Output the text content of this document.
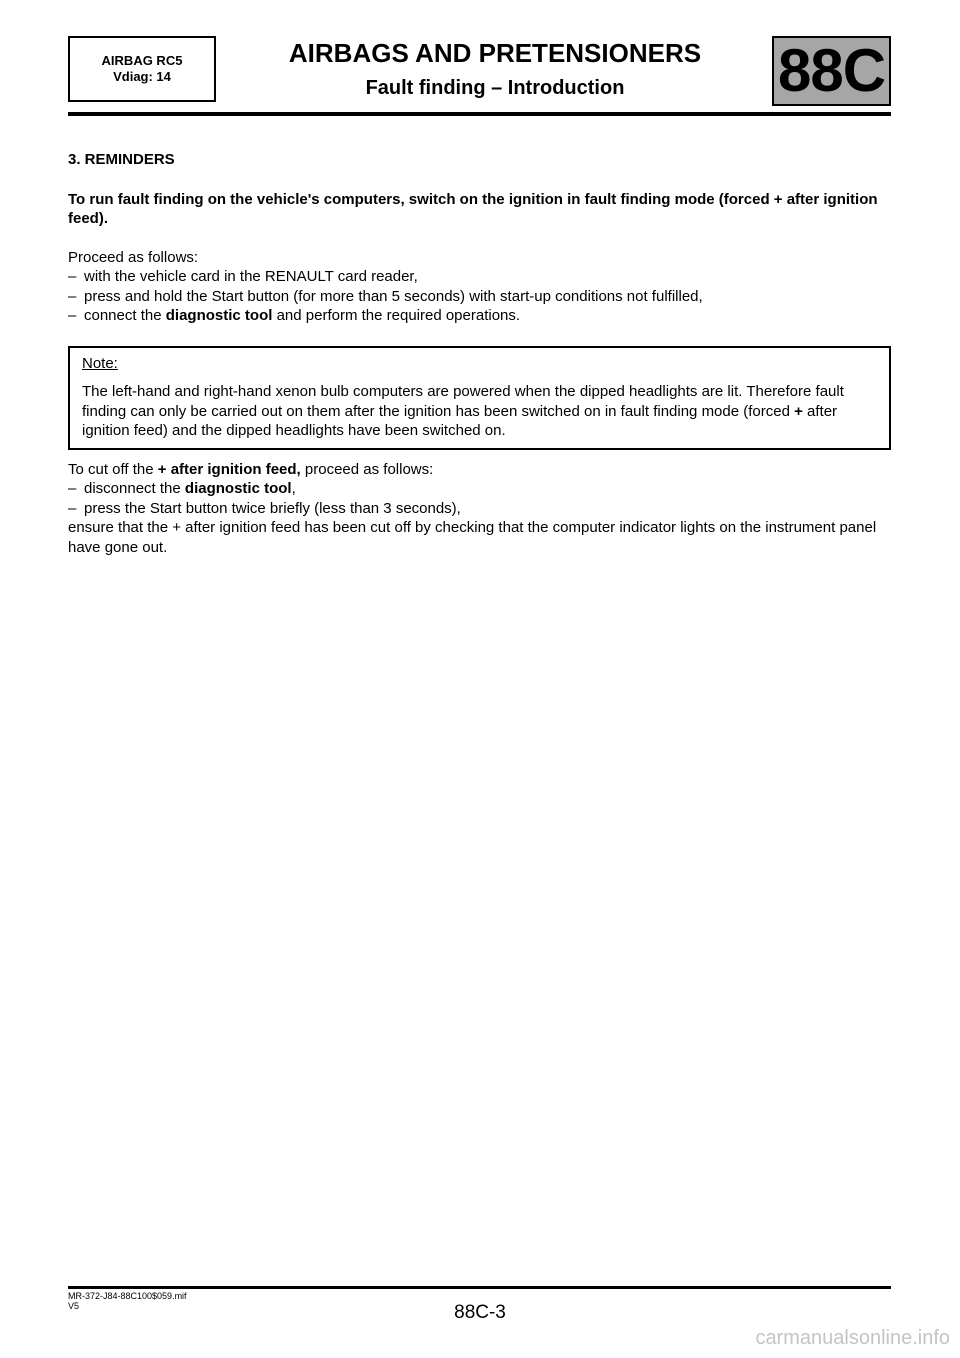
AIRBAG RC5
Vdiag: 14
AIRBAGS AND PRETENSIONERS
Fault finding – Introduction	88C

3. REMINDERS

To run fault finding on the vehicle's computers, switch on the ignition in fault finding mode (forced + after ignition feed).

Proceed as follows:

– with the vehicle card in the RENAULT card reader,
– press and hold the Start button (for more than 5 seconds) with start-up conditions not fulfilled,
– connect the diagnostic tool and perform the required operations.

Note:

The left-hand and right-hand xenon bulb computers are powered when the dipped headlights are lit. Therefore fault finding can only be carried out on them after the ignition has been switched on in fault finding mode (forced + after ignition feed) and the dipped headlights have been switched on.

To cut off the + after ignition feed, proceed as follows:

– disconnect the diagnostic tool,
– press the Start button twice briefly (less than 3 seconds),

ensure that the + after ignition feed has been cut off by checking that the computer indicator lights on the instrument panel have gone out.

MR-372-J84-88C100$059.mif
V5	88C-3
carmanualsonline.info
